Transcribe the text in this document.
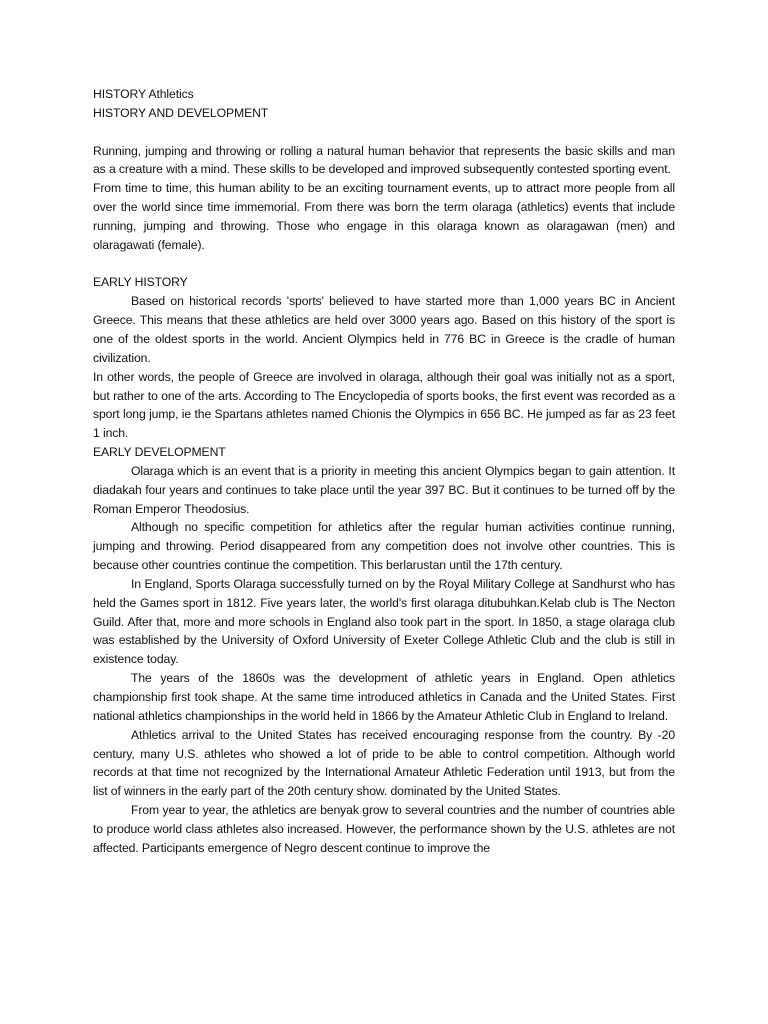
HISTORY Athletics
HISTORY AND DEVELOPMENT

Running, jumping and throwing or rolling a natural human behavior that represents the basic skills and man as a creature with a mind. These skills to be developed and improved subsequently contested sporting event.

From time to time, this human ability to be an exciting tournament events, up to attract more people from all over the world since time immemorial. From there was born the term olaraga (athletics) events that include running, jumping and throwing. Those who engage in this olaraga known as olaragawan (men) and olaragawati (female).

EARLY HISTORY

Based on historical records 'sports' believed to have started more than 1,000 years BC in Ancient Greece. This means that these athletics are held over 3000 years ago. Based on this history of the sport is one of the oldest sports in the world. Ancient Olympics held in 776 BC in Greece is the cradle of human civilization.

In other words, the people of Greece are involved in olaraga, although their goal was initially not as a sport, but rather to one of the arts. According to The Encyclopedia of sports books, the first event was recorded as a sport long jump, ie the Spartans athletes named Chionis the Olympics in 656 BC. He jumped as far as 23 feet 1 inch.

EARLY DEVELOPMENT

Olaraga which is an event that is a priority in meeting this ancient Olympics began to gain attention. It diadakah four years and continues to take place until the year 397 BC. But it continues to be turned off by the Roman Emperor Theodosius.

Although no specific competition for athletics after the regular human activities continue running, jumping and throwing. Period disappeared from any competition does not involve other countries. This is because other countries continue the competition. This berlarustan until the 17th century.

In England, Sports Olaraga successfully turned on by the Royal Military College at Sandhurst who has held the Games sport in 1812. Five years later, the world's first olaraga ditubuhkan.Kelab club is The Necton Guild. After that, more and more schools in England also took part in the sport. In 1850, a stage olaraga club was established by the University of Oxford University of Exeter College Athletic Club and the club is still in existence today.

The years of the 1860s was the development of athletic years in England. Open athletics championship first took shape. At the same time introduced athletics in Canada and the United States. First national athletics championships in the world held in 1866 by the Amateur Athletic Club in England to Ireland.

Athletics arrival to the United States has received encouraging response from the country. By -20 century, many U.S. athletes who showed a lot of pride to be able to control competition. Although world records at that time not recognized by the International Amateur Athletic Federation until 1913, but from the list of winners in the early part of the 20th century show. dominated by the United States.

From year to year, the athletics are benyak grow to several countries and the number of countries able to produce world class athletes also increased. However, the performance shown by the U.S. athletes are not affected. Participants emergence of Negro descent continue to improve the
